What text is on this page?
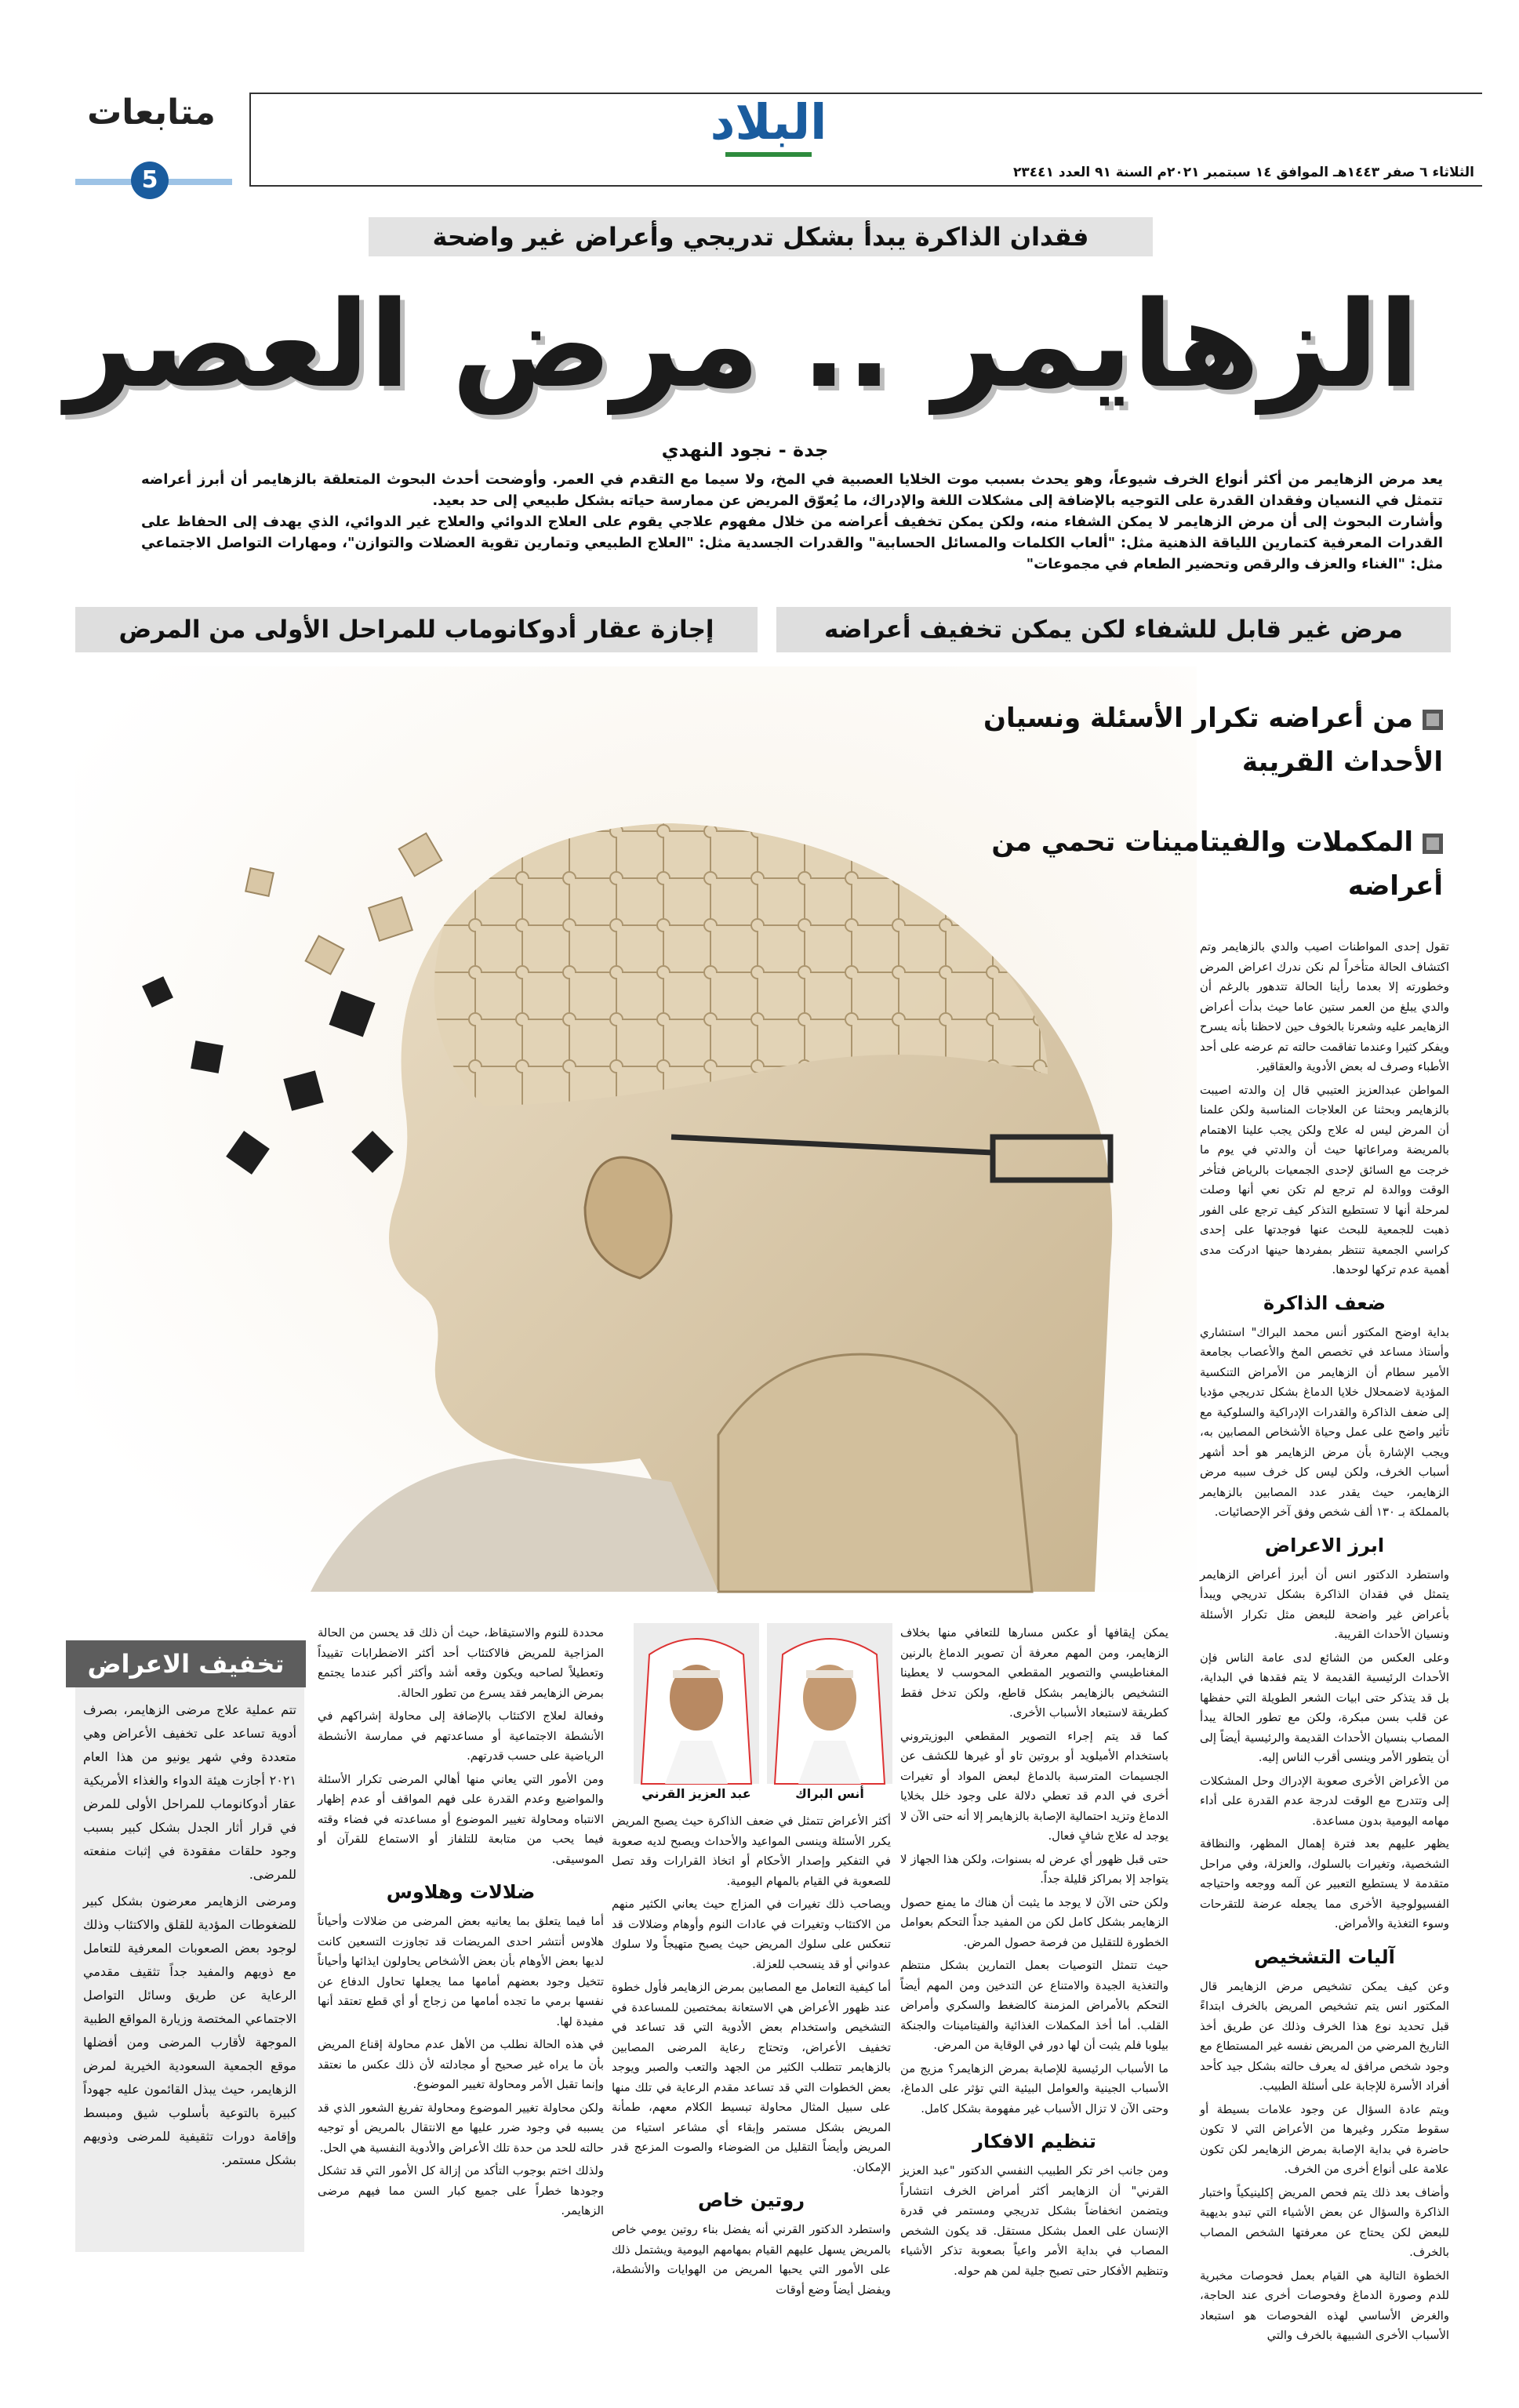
متابعات
5
البلاد
الثلاثاء ٦ صفر ١٤٤٣هـ الموافق ١٤ سبتمبر ٢٠٢١م السنة ٩١ العدد ٢٣٤٤١
فقدان الذاكرة يبدأ بشكل تدريجي وأعراض غير واضحة
الزهايمر .. مرض العصر
جدة - نجود النهدي

يعد مرض الزهايمر من أكثر أنواع الخرف شيوعاً، وهو يحدث بسبب موت الخلايا العصبية في المخ، ولا سيما مع التقدم في العمر. وأوضحت أحدث البحوث المتعلقة بالزهايمر أن أبرز أعراضه تتمثل في النسيان وفقدان القدرة على التوجيه بالإضافة إلى مشكلات اللغة والإدراك، ما يُعوّق المريض عن ممارسة حياته بشكل طبيعي إلى حد بعيد.

وأشارت البحوث إلى أن مرض الزهايمر لا يمكن الشفاء منه، ولكن يمكن تخفيف أعراضه من خلال مفهوم علاجي يقوم على العلاج الدوائي والعلاج غير الدوائي، الذي يهدف إلى الحفاظ على القدرات المعرفية كتمارين اللياقة الذهنية مثل: "ألعاب الكلمات والمسائل الحسابية" والقدرات الجسدية مثل: "العلاج الطبيعي وتمارين تقوية العضلات والتوازن"، ومهارات التواصل الاجتماعي مثل: "الغناء والعزف والرقص وتحضير الطعام في مجموعات"

مرض غير قابل للشفاء لكن يمكن تخفيف أعراضه
إجازة عقار أدوكانوماب للمراحل الأولى من المرض
من أعراضه تكرار الأسئلة ونسيان الأحداث القريبة
المكملات والفيتامينات تحمي من أعراضه

تقول إحدى المواطنات اصيب والدي بالزهايمر وتم اكتشاف الحالة متأخراً لم نكن ندرك اعراض المرض وخطورته إلا بعدما رأينا الحالة تتدهور بالرغم أن والدي يبلغ من العمر ستين عاما حيث بدأت أعراض الزهايمر عليه وشعرنا بالخوف حين لاحظنا بأنه يسرح ويفكر كثيرا وعندما تفاقمت حالته تم عرضه على أحد الأطباء وصرف له بعض الأدوية والعقاقير.

المواطن عبدالعزيز العتيبي قال إن والدته اصيبت بالزهايمر وبحثنا عن العلاجات المناسبة ولكن علمنا أن المرض ليس له علاج ولكن يجب علينا الاهتمام بالمريضة ومراعاتها حيث أن والدتي في يوم ما خرجت مع السائق لإحدى الجمعيات بالرياض فتأخر الوقت ووالدة لم ترجع لم تكن نعي أنها وصلت لمرحلة أنها لا تستطيع التذكر كيف ترجع على الفور ذهبت للجمعية للبحث عنها فوجدتها على إحدى كراسي الجمعية تنتظر بمفردها حينها ادركت مدى أهمية عدم تركها لوحدها.

ضعف الذاكرة

بداية اوضح المكتور أنس محمد البراك" استشاري وأستاذ مساعد في تخصص المخ والأعصاب بجامعة الأمير سطام أن الزهايمر من الأمراض التنكسية المؤدية لاضمحلال خلايا الدماغ بشكل تدريجي مؤديا إلى ضعف الذاكرة والقدرات الإدراكية والسلوكية مع تأثير واضح على عمل وحياة الأشخاص المصابين به، ويجب الإشارة بأن مرض الزهايمر هو أحد أشهر أسباب الخرف، ولكن ليس كل خرف سببه مرض الزهايمر، حيث يقدر عدد المصابين بالزهايمر بالمملكة بـ ١٣٠ ألف شخص وفق آخر الإحصائيات.

ابرز الاعراض

واستطرد الدكتور انس أن أبرز أعراض الزهايمر يتمثل في فقدان الذاكرة بشكل تدريجي ويبدأ بأعراض غير واضحة للبعض مثل تكرار الأسئلة ونسيان الأحداث القريبة.

وعلى العكس من الشائع لدى عامة الناس فإن الأحداث الرئيسية القديمة لا يتم فقدها في البداية، بل قد يتذكر حتى ابيات الشعر الطويلة التي حفظها عن قلب بسن مبكرة، ولكن مع تطور الحالة يبدأ المصاب بنسيان الأحداث القديمة والرئيسية أيضاً إلى أن يتطور الأمر وينسى أقرب الناس إليه.

من الأعراض الأخرى صعوبة الإدراك وحل المشكلات إلى وتتدرج مع الوقت لدرجة عدم القدرة على أداء مهامه اليومية بدون مساعدة.

يظهر عليهم بعد فترة إهمال المظهر، والنظافة الشخصية، وتغيرات بالسلوك، والعزلة، وفي مراحل متقدمة لا يستطيع التعبير عن آلمه ووجعه واحتياجه الفسيولوجية الأخرى مما يجعله عرضة للتقرحات وسوء التغذية والأمراض.

آليات التشخيص

وعن كيف يمكن تشخيص مرض الزهايمر قال المكتور انس يتم تشخيص المريض بالخرف ابتداءً قبل تحديد نوع هذا الخرف وذلك عن طريق أخذ التاريخ المرضي من المريض نفسه غير المستطاع مع وجود شخص مرافق له يعرف حالته بشكل جيد كأحد أفراد الأسرة للإجابة على أسئلة الطبيب.

ويتم عادة السؤال عن وجود علامات بسيطة أو سقوط متكرر وغيرها من الأعراض التي لا تكون حاضرة في بداية الإصابة بمرض الزهايمر لكن تكون علامة على أنواع أخرى من الخرف.

وأضاف بعد ذلك يتم فحص المريض إكلينيكياً واختبار الذاكرة والسؤال عن بعض الأشياء التي تبدو بديهية للبعض لكن يحتاج عن معرفتها الشخص المصاب بالخرف.

الخطوة التالية هي القيام بعمل فحوصات مخبرية للدم وصورة الدماغ وفحوصات أخرى عند الحاجة، والغرض الأساسي لهذه الفحوصات هو استبعاد الأسباب الأخرى الشبيهة بالخرف والتي

يمكن إيقافها أو عكس مسارها للتعافي منها بخلاف الزهايمر، ومن المهم معرفة أن تصوير الدماغ بالرنين المغناطيسي والتصوير المقطعي المحوسب لا يعطينا التشخيص بالزهايمر بشكل قاطع، ولكن تدخل فقط كطريقة لاستبعاد الأسباب الأخرى.

كما قد يتم إجراء التصوير المقطعي البوزيتروني باستخدام الأميلويد أو بروتين تاو أو غيرها للكشف عن الجسيمات المترسبة بالدماغ لبعض المواد أو تغيرات أخرى في الدم قد تعطي دلالة على وجود خلل بخلايا الدماغ وتزيد احتمالية الإصابة بالزهايمر إلا أنه حتى الآن لا يوجد له علاج شافٍ فعال.

حتى قبل ظهور أي عرض له بسنوات، ولكن هذا الجهاز لا يتواجد إلا بمراكز قليلة جداً.

ولكن حتى الآن لا يوجد ما يثبت أن هناك ما يمنع حصول الزهايمر بشكل كامل لكن من المفيد جداً التحكم بعوامل الخطورة للتقليل من فرصة حصول المرض.

حيث تتمثل التوصيات بعمل التمارين بشكل منتظم والتغذية الجيدة والامتناع عن التدخين ومن المهم أيضاً التحكم بالأمراض المزمنة كالضغط والسكري وأمراض القلب. أما أخذ المكملات الغذائية والفيتامينات والجنكة بيلوبا فلم يثبت أن لها دور في الوقاية من المرض.

ما الأسباب الرئيسية للإصابة بمرض الزهايمر؟ مزيج من الأسباب الجينية والعوامل البيئية التي تؤثر على الدماغ، وحتى الآن لا تزال الأسباب غير مفهومة بشكل كامل.

تنظيم الافكار

ومن جانب اخر تكر الطبيب النفسي الدكتور "عبد العزيز القرني" أن الزهايمر أكثر أمراض الخرف انتشاراً ويتضمن انخفاضاً بشكل تدريجي ومستمر في قدرة الإنسان على العمل بشكل مستقل. قد يكون الشخص المصاب في بداية الأمر واعياً بصعوبة تذكر الأشياء وتنظيم الأفكار حتى تصبح جلية لمن هم حوله.

أنس البراك
عبد العزيز القرني

أكثر الأعراض تتمثل في ضعف الذاكرة حيث يصبح المريض يكرر الأسئلة وينسى المواعيد والأحداث ويصبح لديه صعوبة في التفكير وإصدار الأحكام أو اتخاذ القرارات وقد تصل للصعوبة في القيام بالمهام اليومية.

ويصاحب ذلك تغيرات في المزاج حيث يعاني الكثير منهم من الاكتئاب وتغيرات في عادات النوم وأوهام وضلالات قد تنعكس على سلوك المريض حيث يصبح متهيجاً ولا سلوك عدواني أو قد ينسحب للعزلة.

أما كيفية التعامل مع المصابين بمرض الزهايمر فأول خطوة عند ظهور الأعراض هي الاستعانة بمختصين للمساعدة في التشخيص واستخدام بعض الأدوية التي قد تساعد في تخفيف الأعراض، وتحتاج رعاية المرضى المصابين بالزهايمر تتطلب الكثير من الجهد والتعب والصبر ويوجد بعض الخطوات التي قد تساعد مقدم الرعاية في تلك منها على سبيل المثال محاولة تبسيط الكلام معهم، طمأنة المريض بشكل مستمر وإبقاء أي مشاعر استياء من المريض وأيضاً التقليل من الضوضاء والصوت المزعج قدر الإمكان.

روتين خاص

واستطرد الدكتور القرني أنه يفضل بناء روتين يومي خاص بالمريض يسهل عليهم القيام بمهامهم اليومية ويشتمل ذلك على الأمور التي يحبها المريض من الهوايات والأنشطة، ويفضل أيضاً وضع أوقات

محددة للنوم والاستيقاظ، حيث أن ذلك قد يحسن من الحالة المزاجية للمريض فالاكتئاب أحد أكثر الاضطرابات تقييداً وتعطيلاً لصاحبه ويكون وقعه أشد وأكثر أكبر عندما يجتمع بمرض الزهايمر فقد يسرع من تطور الحالة.

وفعالة لعلاج الاكتئاب بالإضافة إلى محاولة إشراكهم في الأنشطة الاجتماعية أو مساعدتهم في ممارسة الأنشطة الرياضية على حسب قدرتهم.

ومن الأمور التي يعاني منها أهالي المرضى تكرار الأسئلة والمواضيع وعدم القدرة على فهم المواقف أو عدم إظهار الانتباه ومحاولة تغيير الموضوع أو مساعدته في فضاء وقته فيما يحب من متابعة للتلفاز أو الاستماع للقرآن أو الموسيقى.

ضلالات وهلاوس

أما فيما يتعلق بما يعانيه بعض المرضى من ضلالات وأحياناً هلاوس أنتشر احدى المريضات قد تجاوزت التسعين كانت لديها بعض الأوهام بأن بعض الأشخاص يحاولون ايذائها وأحياناً تتخيل وجود بعضهم أمامها مما يجعلها تحاول الدفاع عن نفسها برمي ما تجده أمامها من زجاج أو أي قطع تعتقد أنها مفيدة لها.

في هذه الحالة نطلب من الأهل عدم محاولة إقناع المريض بأن ما يراه غير صحيح أو مجادلته لأن ذلك عكس ما نعتقد وإنما تقبل الأمر ومحاولة تغيير الموضوع.

ولكن محاولة تغيير الموضوع ومحاولة تفريغ الشعور الذي قد يسببه في وجود ضرر عليها مع الانتقال بالمريض أو توجيه حالته للحد من حدة تلك الأعراض والأدوية النفسية هي الحل.

ولذلك اختم بوجوب التأكد من إزالة كل الأمور التي قد تشكل وجودها خطراً على جميع كبار السن مما فيهم مرضى الزهايمر.

تخفيف الاعراض

تتم عملية علاج مرضى الزهايمر، بصرف أدوية تساعد على تخفيف الأعراض وهي متعددة وفي شهر يونيو من هذا العام ٢٠٢١ أجازت هيئة الدواء والغذاء الأمريكية عقار أدوكانوماب للمراحل الأولى للمرض في قرار أثار الجدل بشكل كبير بسبب وجود حلقات مفقودة في إثبات منفعته للمرضى.

ومرضى الزهايمر معرضون بشكل كبير للضغوطات المؤدية للقلق والاكتئاب وذلك لوجود بعض الصعوبات المعرفية للتعامل مع ذويهم والمفيد جداً تثقيف مقدمي الرعاية عن طريق وسائل التواصل الاجتماعي المختصة وزيارة المواقع الطبية الموجهة لأقارب المرضى ومن أفضلها موقع الجمعية السعودية الخيرية لمرض الزهايمر، حيث يبذل القائمون عليه جهوداً كبيرة بالتوعية بأسلوب شيق ومبسط وإقامة دورات تثقيفية للمرضى وذويهم بشكل مستمر.
